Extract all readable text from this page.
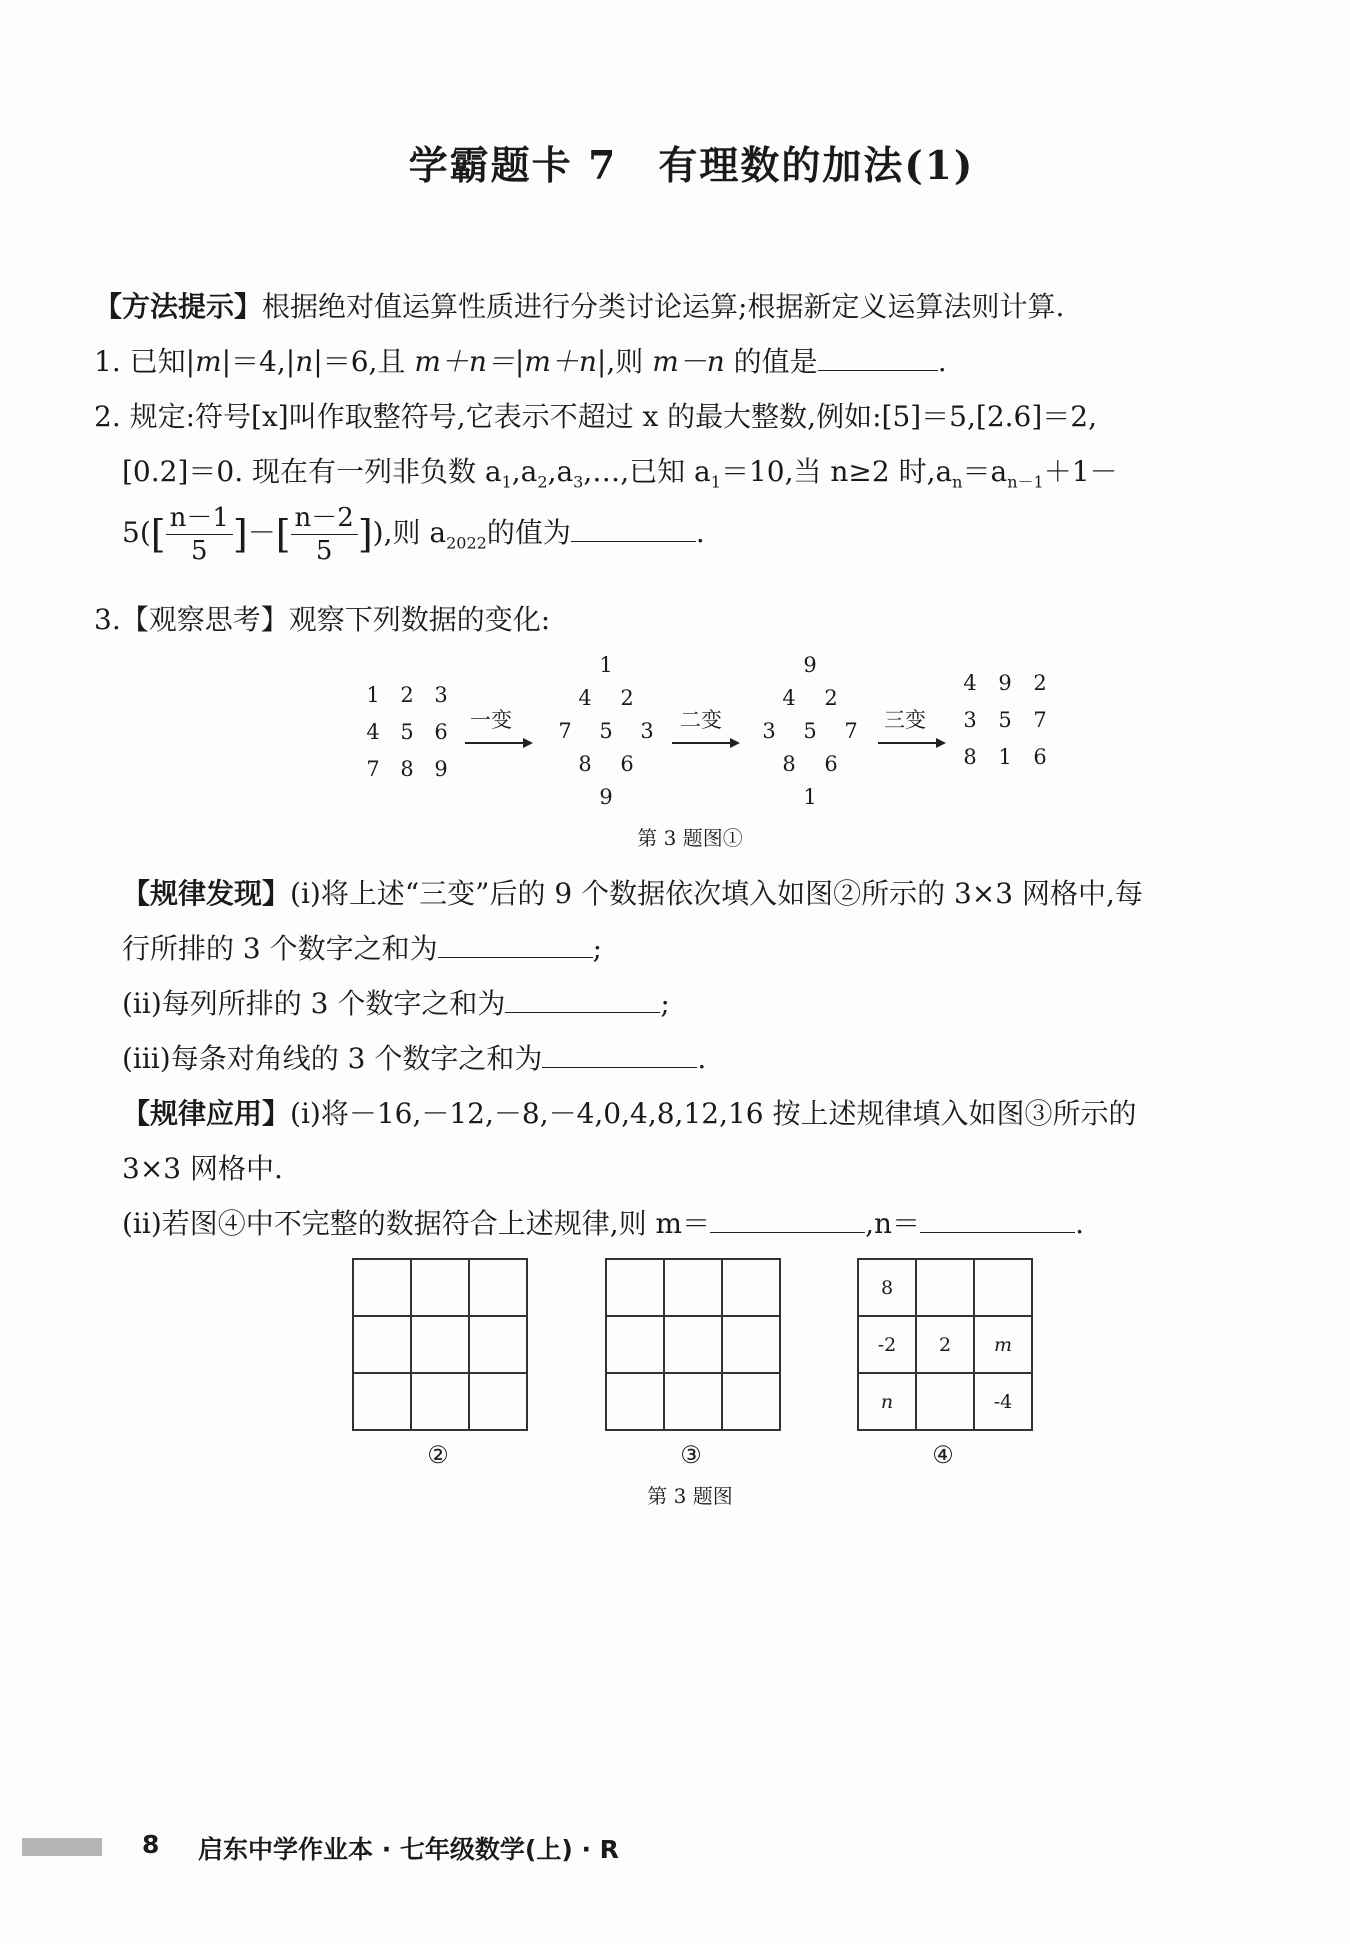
学霸题卡 7　有理数的加法(1)
【方法提示】根据绝对值运算性质进行分类讨论运算;根据新定义运算法则计算.
1. 已知|m|＝4,|n|＝6,且 m＋n＝|m＋n|,则 m－n 的值是	.
2. 规定:符号[x]叫作取整符号,它表示不超过 x 的最大整数,例如:[5]＝5,[2.6]＝2,
[0.2]＝0. 现在有一列非负数 $a_1,a_2,a_3,\dots$,已知 $a_1=10$,当 n≥2 时$,a_n=a_{n-1}+1-$
$5([ \frac{n-1}{5}$ ]－[ $\frac{n-2}{5}$ ]),则 $a_{2022}$的值为	.
3.【观察思考】观察下列数据的变化:
1 2 3
4 5 6
7 8 9
1
4 2
7 5 3
8 6
9
9
4 2
3 5 7
8 6
1
4 9 2
3 5 7
8 1 6
一变	二变	三变
第 3 题图①
【规律发现】(ⅰ)将上述“三变”后的 9 个数据依次填入如图②所示的 3×3 网格中,每
行所排的 3 个数字之和为	;
(ⅱ)每列所排的 3 个数字之和为	;
(ⅲ)每条对角线的 3 个数字之和为	.
【规律应用】(ⅰ)将－16,－12,－8,－4,0,4,8,12,16 按上述规律填入如图③所示的
3×3 网格中.
(ⅱ)若图④中不完整的数据符合上述规律,则 m＝	,n＝	.

8		
-2	2	m
n		-4
②	③	④
第 3 题图
8 启东中学作业本 · 七年级数学(上) · R
